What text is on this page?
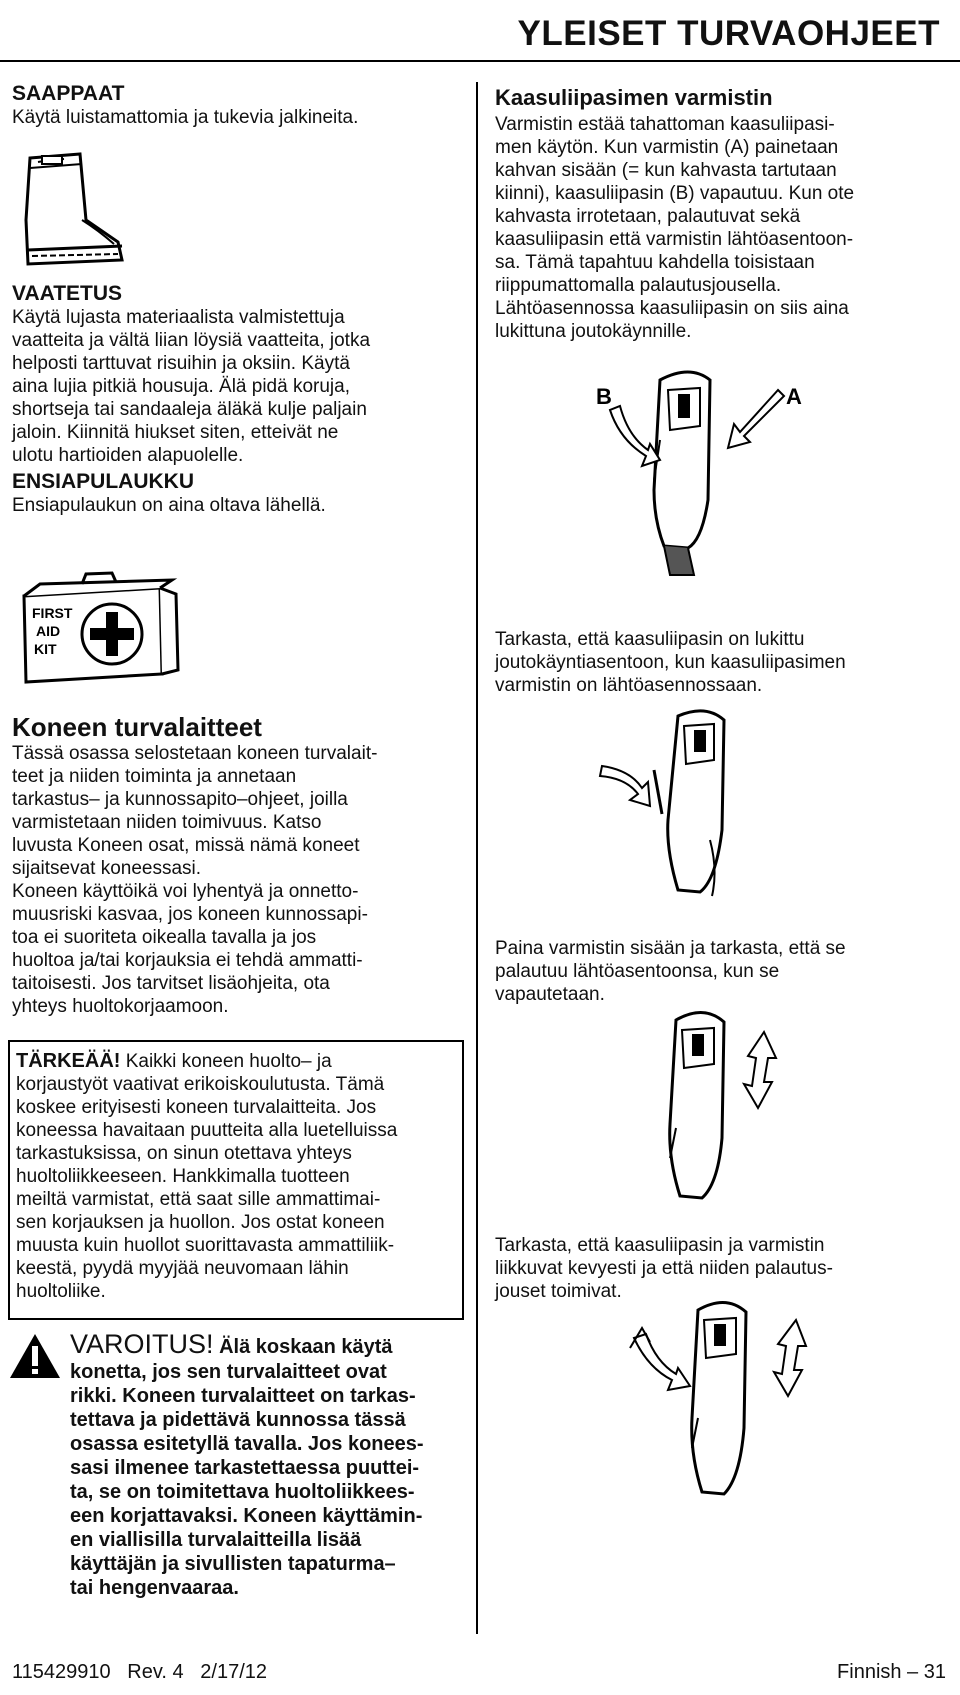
YLEISET TURVAOHJEET
SAAPPAAT
Käytä luistamattomia ja tukevia jalkineita.
VAATETUS
Käytä lujasta materiaalista valmistettuja
vaatteita ja vältä liian löysiä vaatteita, jotka
helposti tarttuvat risuihin ja oksiin. Käytä
aina lujia pitkiä housuja. Älä pidä koruja,
shortseja tai sandaaleja äläkä kulje paljain
jaloin. Kiinnitä hiukset siten, etteivät ne
ulotu hartioiden alapuolelle.
ENSIAPULAUKKU
Ensiapulaukun on aina oltava lähellä.
FIRST
AID
KIT
Koneen turvalaitteet
Tässä osassa selostetaan koneen turvalait-
teet ja niiden toiminta ja annetaan
tarkastus– ja kunnossapito–ohjeet, joilla
varmistetaan niiden toimivuus. Katso
luvusta Koneen osat, missä nämä koneet
sijaitsevat koneessasi.
Koneen käyttöikä voi lyhentyä ja onnetto-
muusriski kasvaa, jos koneen kunnossapi-
toa ei suoriteta oikealla tavalla ja jos
huoltoa ja/tai korjauksia ei tehdä ammatti-
taitoisesti. Jos tarvitset lisäohjeita, ota
yhteys huoltokorjaamoon.
TÄRKEÄÄ! Kaikki koneen huolto– ja
korjaustyöt vaativat erikoiskoulutusta. Tämä
koskee erityisesti koneen turvalaitteita. Jos
koneessa havaitaan puutteita alla luetelluissa
tarkastuksissa, on sinun otettava yhteys
huoltoliikkeeseen. Hankkimalla tuotteen
meiltä varmistat, että saat sille ammattimai-
sen korjauksen ja huollon. Jos ostat koneen
muusta kuin huollot suorittavasta ammattiliik-
keestä, pyydä myyjää neuvomaan lähin
huoltoliike.
VAROITUS! Älä koskaan käytä
konetta, jos sen turvalaitteet ovat
rikki. Koneen turvalaitteet on tarkas-
tettava ja pidettävä kunnossa tässä
osassa esitetyllä tavalla. Jos konees-
sasi ilmenee tarkastettaessa puuttei-
ta, se on toimitettava huoltoliikkees-
een korjattavaksi. Koneen käyttämin-
en viallisilla turvalaitteilla lisää
käyttäjän ja sivullisten tapaturma–
tai hengenvaaraa.
Kaasuliipasimen varmistin
Varmistin estää tahattoman kaasuliipasi-
men käytön. Kun varmistin (A) painetaan
kahvan sisään (= kun kahvasta tartutaan
kiinni), kaasuliipasin (B) vapautuu. Kun ote
kahvasta irrotetaan, palautuvat sekä
kaasuliipasin että varmistin lähtöasentoon-
sa. Tämä tapahtuu kahdella toisistaan
riippumattomalla palautusjousella.
Lähtöasennossa kaasuliipasin on siis aina
lukittuna joutokäynnille.
B	A
Tarkasta, että kaasuliipasin on lukittu
joutokäyntiasentoon, kun kaasuliipasimen
varmistin on lähtöasennossaan.
Paina varmistin sisään ja tarkasta, että se
palautuu lähtöasentoonsa, kun se
vapautetaan.
Tarkasta, että kaasuliipasin ja varmistin
liikkuvat kevyesti ja että niiden palautus-
jouset toimivat.
115429910   Rev. 4   2/17/12	Finnish – 31
